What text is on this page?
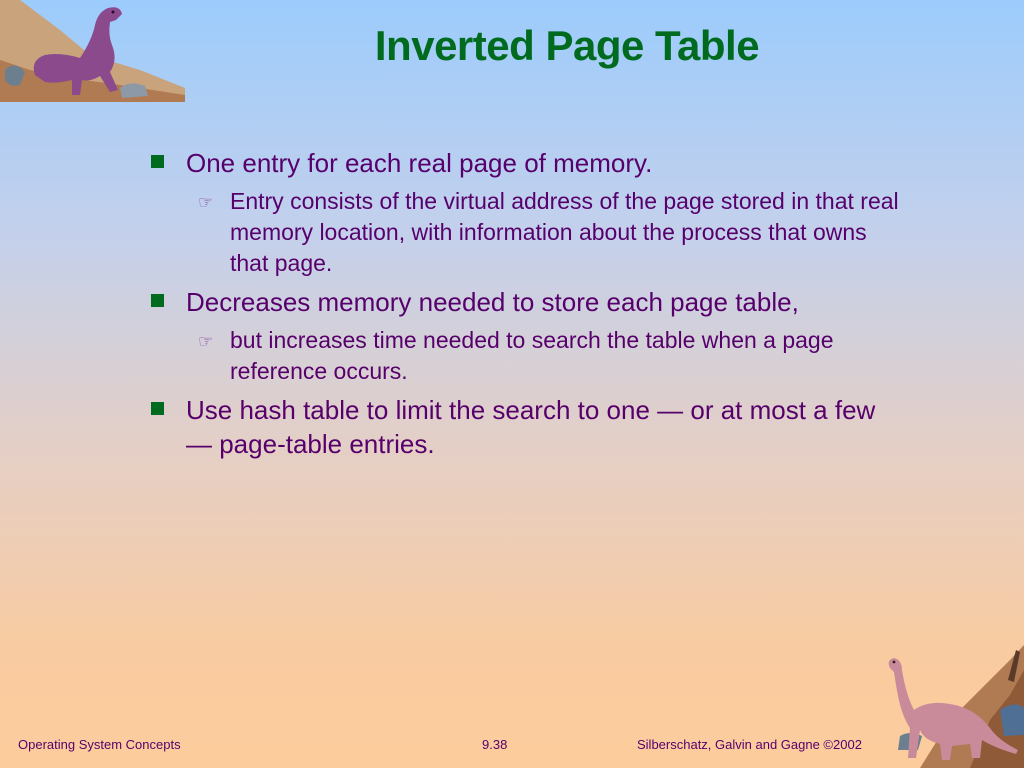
Inverted Page Table
One entry for each real page of memory.
☞ Entry consists of the virtual address of the page stored in that real memory location, with information about the process that owns that page.
Decreases memory needed to store each page table,
☞ but increases time needed to search the table when a page reference occurs.
Use hash table to limit the search to one — or at most a few — page-table entries.
Operating System Concepts	9.38	Silberschatz, Galvin and Gagne ©2002
